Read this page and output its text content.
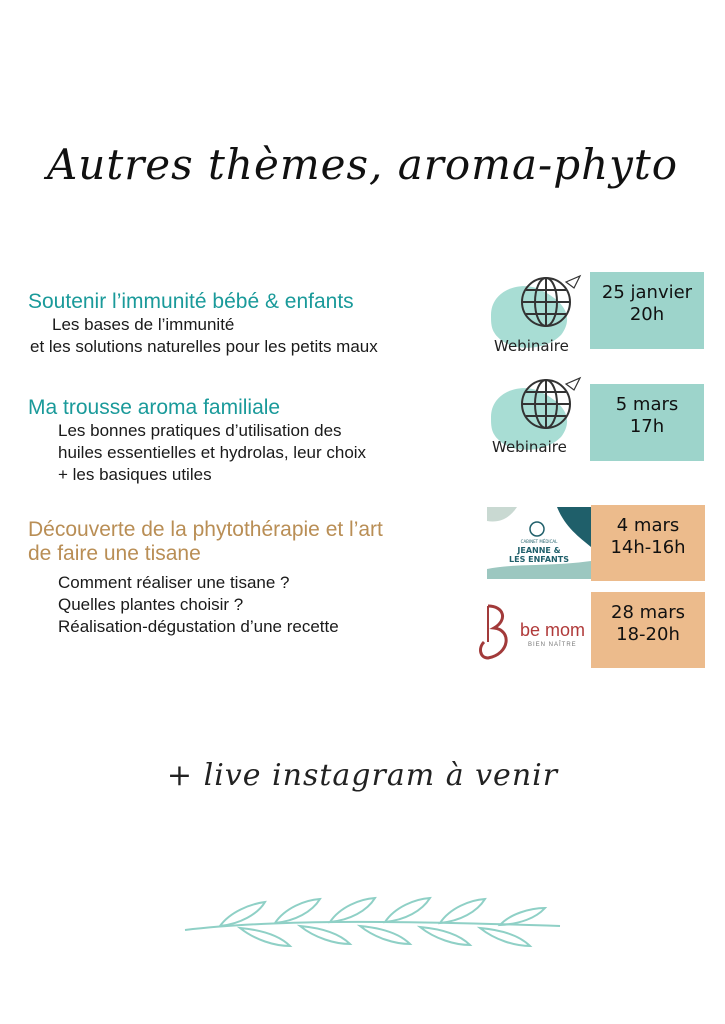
Autres thèmes, aroma-phyto
Soutenir l’immunité bébé & enfants

Les bases de l’immunité

et les solutions naturelles pour les petits maux	Webinaire
25 janvier
20h
Ma trousse aroma familiale

Les bonnes pratiques d’utilisation des

huiles essentielles et hydrolas, leur choix

+ les basiques utiles

Webinaire
5 mars
17h
Découverte de la phytothérapie et l’art
de faire une tisane

Comment réaliser une tisane ?

Quelles plantes choisir ?

Réalisation-dégustation d’une recette

CABINET MÉDICAL
JEANNE &
LES ENFANTS
4 mars
14h-16h
be mom
BIEN NAÎTRE
28 mars
18-20h
+ live instagram à venir
